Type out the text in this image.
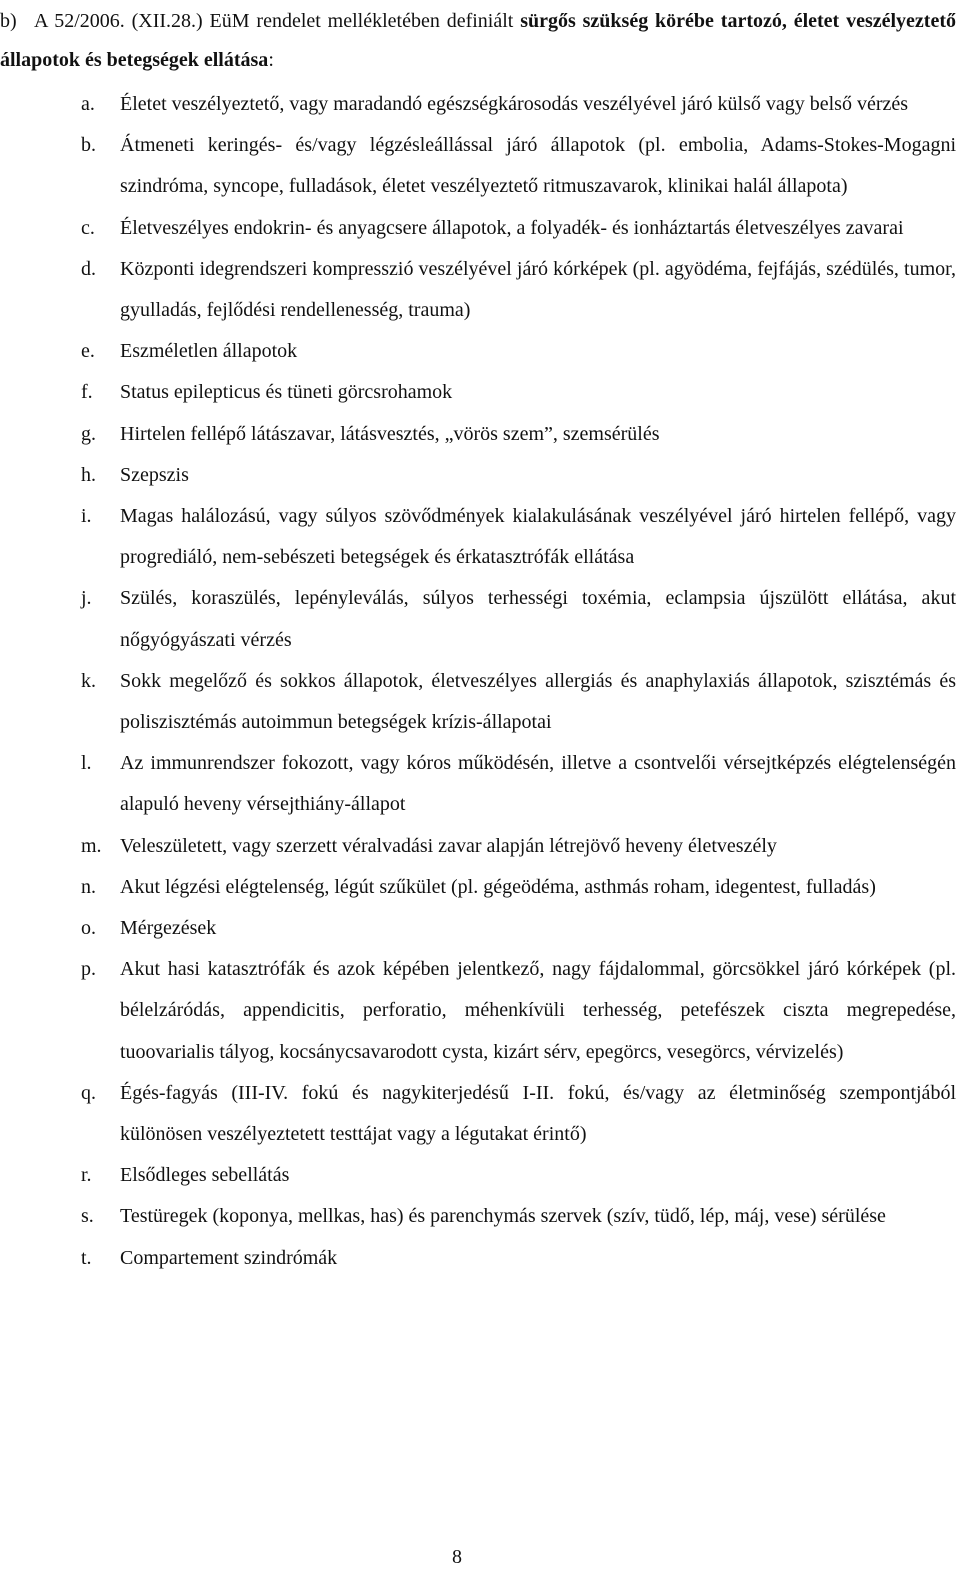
b) A 52/2006. (XII.28.) EüM rendelet mellékletében definiált sürgős szükség körébe tartozó, életet veszélyeztető állapotok és betegségek ellátása:

a.	Életet veszélyeztető, vagy maradandó egészségkárosodás veszélyével járó külső vagy belső vérzés
b.	Átmeneti keringés- és/vagy légzésleállással járó állapotok (pl. embolia, Adams-Stokes-Mogagni szindróma, syncope, fulladások, életet veszélyeztető ritmuszavarok, klinikai halál állapota)
c.	Életveszélyes endokrin- és anyagcsere állapotok, a folyadék- és ionháztartás életveszélyes zavarai
d.	Központi idegrendszeri kompresszió veszélyével járó kórképek (pl. agyödéma, fejfájás, szédülés, tumor, gyulladás, fejlődési rendellenesség, trauma)
e.	Eszméletlen állapotok
f.	Status epilepticus és tüneti görcsrohamok
g.	Hirtelen fellépő látászavar, látásvesztés, „vörös szem”, szemsérülés
h.	Szepszis
i.	Magas halálozású, vagy súlyos szövődmények kialakulásának veszélyével járó hirtelen fellépő, vagy progrediáló, nem-sebészeti betegségek és érkatasztrófák ellátása
j.	Szülés, koraszülés, lepényleválás, súlyos terhességi toxémia, eclampsia újszülött ellátása, akut nőgyógyászati vérzés
k.	Sokk megelőző és sokkos állapotok, életveszélyes allergiás és anaphylaxiás állapotok, szisztémás és poliszisztémás autoimmun betegségek krízis-állapotai
l.	Az immunrendszer fokozott, vagy kóros működésén, illetve a csontvelői vérsejtképzés elégtelenségén alapuló heveny vérsejthiány-állapot
m. Veleszületett, vagy szerzett véralvadási zavar alapján létrejövő heveny életveszély
n.	Akut légzési elégtelenség, légút szűkület (pl. gégeödéma, asthmás roham, idegentest, fulladás)
o.	Mérgezések
p.	Akut hasi katasztrófák és azok képében jelentkező, nagy fájdalommal, görcsökkel járó kórképek (pl. bélelzáródás, appendicitis, perforatio, méhenkívüli terhesség, petefészek ciszta megrepedése, tuoovarialis tályog, kocsánycsavarodott cysta, kizárt sérv, epegörcs, vesegörcs, vérvizelés)
q.	Égés-fagyás (III-IV. fokú és nagykiterjedésű I-II. fokú, és/vagy az életminőség szempontjából különösen veszélyeztetett testtájat vagy a légutakat érintő)
r.	Elsődleges sebellátás
s.	Testüregek (koponya, mellkas, has) és parenchymás szervek (szív, tüdő, lép, máj, vese) sérülése
t.	Compartement szindrómák
8
